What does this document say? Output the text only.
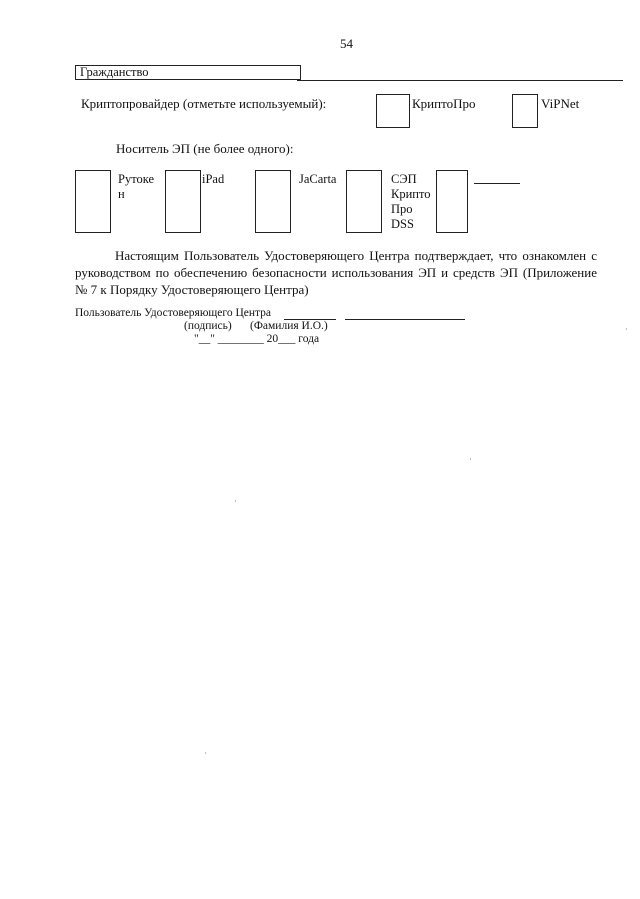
54
Гражданство
Криптопровайдер (отметьте используемый):	КриптоПро	ViPNet
Носитель ЭП (не более одного):
Рутоке н
iPad	JaCarta	СЭП Крипто Про DSS
Настоящим Пользователь Удостоверяющего Центра подтверждает, что ознакомлен с руководством по обеспечению безопасности использования ЭП и средств ЭП (Приложение № 7 к Порядку Удостоверяющего Центра)
Пользователь Удостоверяющего Центра
(подпись) (Фамилия И.О.)
"__" ________ 20___ года
